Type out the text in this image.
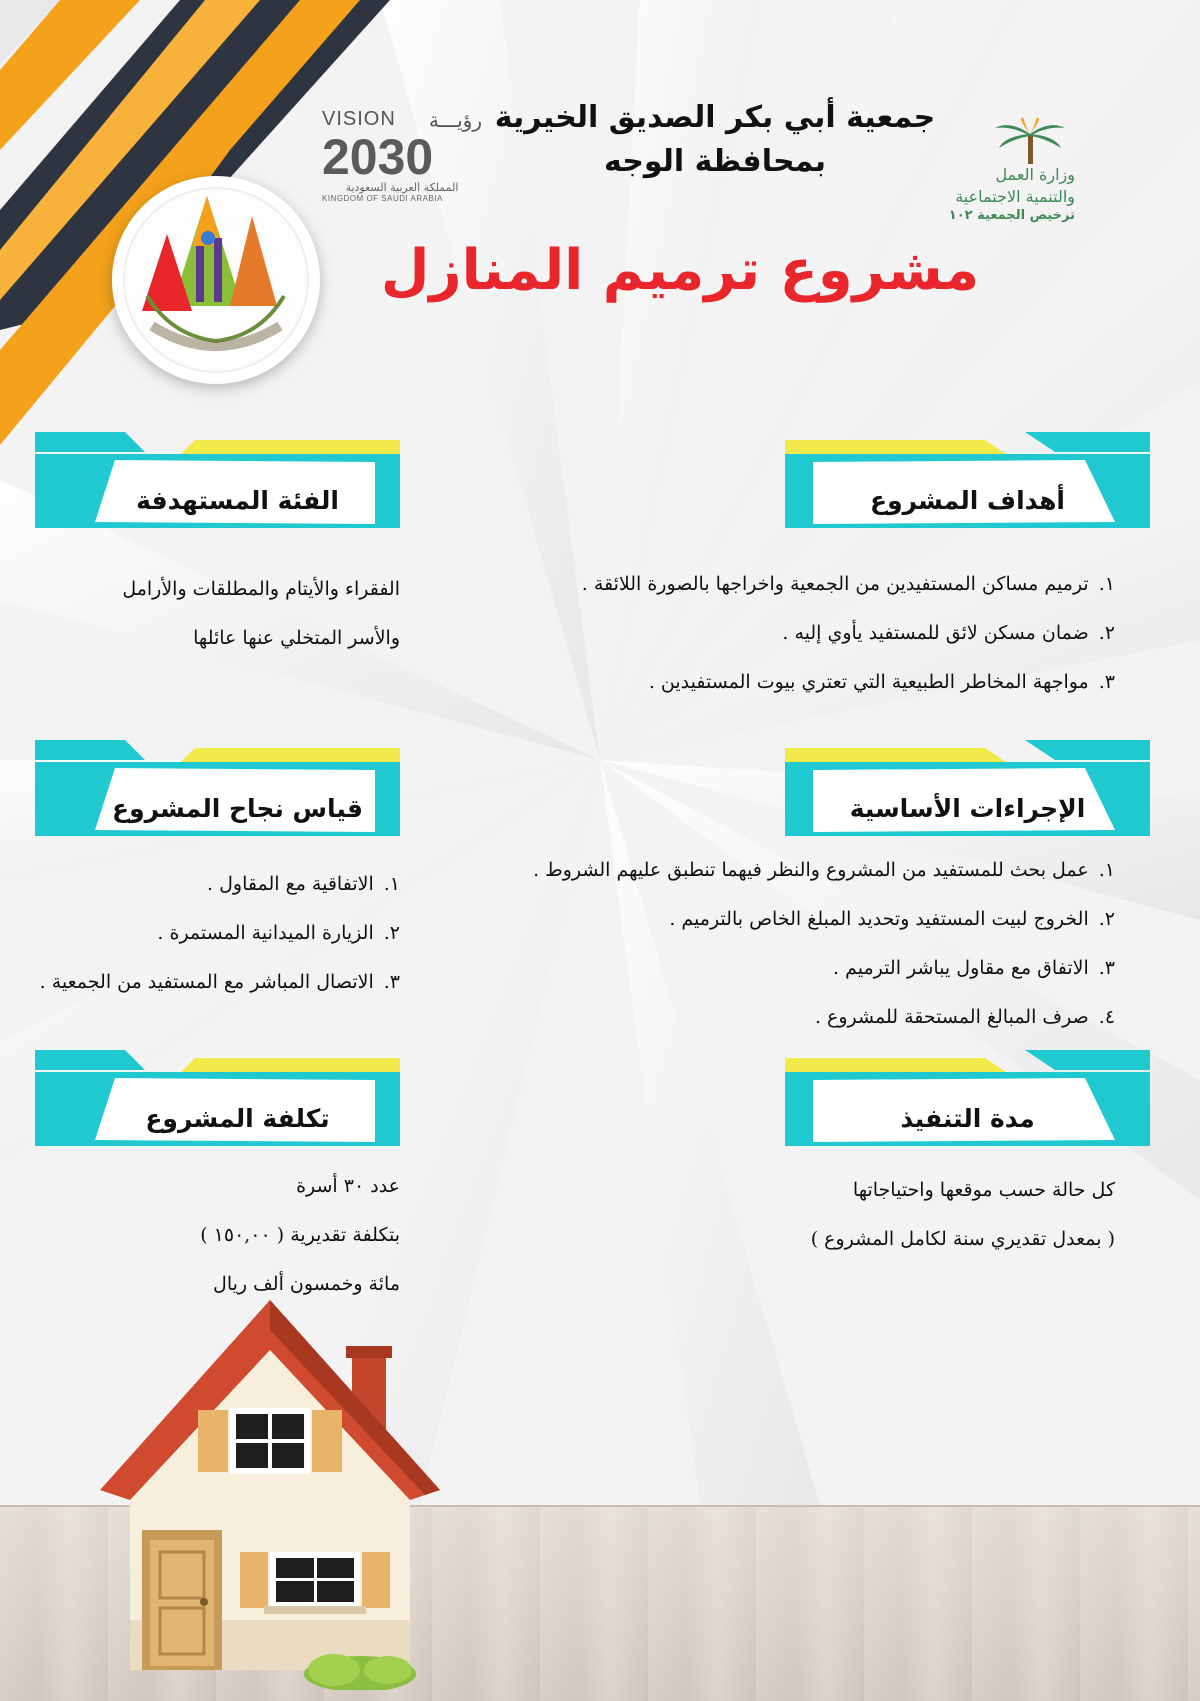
VISION رؤيـــة
2030
المملكة العربية السعودية
KINGDOM OF SAUDI ARABIA
جمعية أبي بكر الصديق الخيرية
بمحافظة الوجه	وزارة العمل
والتنمية الاجتماعية
ترخيص الجمعية ١٠٢
مشروع ترميم المنازل
أهداف المشروع
الفئة المستهدفة
الإجراءات الأساسية
قياس نجاح المشروع
مدة التنفيذ
تكلفة المشروع
١.ترميم مساكن المستفيدين من الجمعية واخراجها بالصورة اللائقة .
٢.ضمان مسكن لائق للمستفيد يأوي إليه .
٣.مواجهة المخاطر الطبيعية التي تعتري بيوت المستفيدين .
الفقراء والأيتام والمطلقات والأرامل
والأسر المتخلي عنها عائلها
١.عمل بحث للمستفيد من المشروع والنظر فيهما تنطبق عليهم الشروط .
٢.الخروج لبيت المستفيد وتحديد المبلغ الخاص بالترميم .
٣.الاتفاق مع مقاول يباشر الترميم .
٤.صرف المبالغ المستحقة للمشروع .
١.الاتفاقية مع المقاول .
٢.الزيارة الميدانية المستمرة .
٣.الاتصال المباشر مع المستفيد من الجمعية .
كل حالة حسب موقعها واحتياجاتها
( بمعدل تقديري سنة لكامل المشروع )
عدد ٣٠ أسرة
بتكلفة تقديرية ( ١٥٠,٠٠ )
مائة وخمسون ألف ريال
